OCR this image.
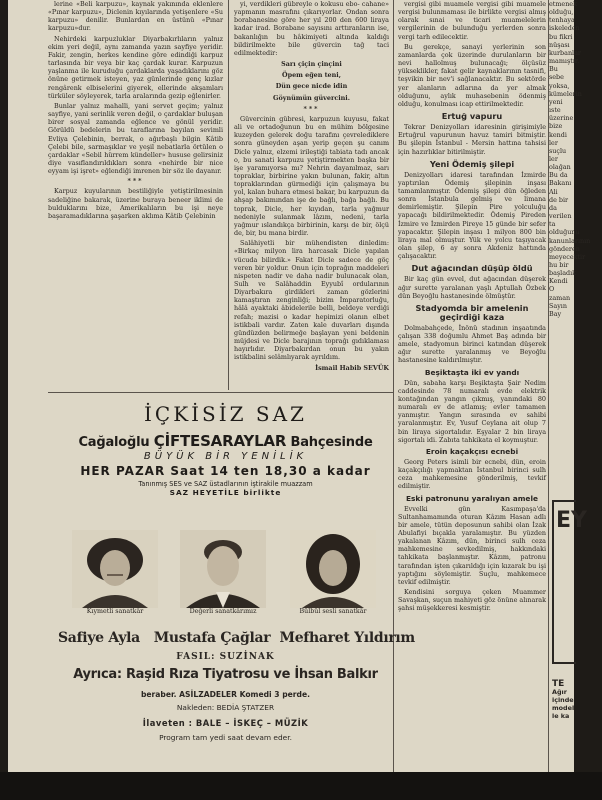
lerine «Beli karpuzu», kaynak yakınında eklenlere «Pınar karpuzu», Diclenin kıyılarında yetişenlere «Su karpuzu» denilir. Bunlardan en üstünü «Pınar karpuzu»dur.

Nehirdeki karpuzluklar Diyarbakırlıların yalnız ekim yeri değil, aynı zamanda yazın sayfiye yeridir. Fakir, zengin, herkes kendine göre edindiği karpuz tarlasında bir veya bir kaç çardak kurar. Karpuzun yaşlanma ile kuruduğu çardaklarda yaşadıklarını göz önüne getirmek isteyen, yaz günlerinde genç kızlar rengârenk elbiselerini giyerek, ellerinde akşamları türküler söyleyerek, tarla aralarında gezip eğlenirler.

Bunlar yalnız mahalli, yani servet geçim; yalnız sayfiye, yani serinlik veren değil, o çardaklar buluşan birer sosyal zamanda eğlence ve gönül yeridir. Görüldü bedelerin bu taraflarına bayılan sevimli Evliya Çelebinin, berrak, o ağırbaşlı bilgin Kâtib Çelebi bile, sarmaşıklar ve yeşil nebatlarla örtülen o çardaklar «Sebil hürrem kündeller» hususe gelirsiniz diye vasıflandırıldıkları sonra «nehirde bir nice eyyam işi işret» eğlendiği imrenen bir söz ile dayanır.

***

Karpuz kuyularının bestiliğiyle yetiştirilmesinin sadeliğine bakarak, üzerine buraya beneer iklimi de bulduklarını bize, Amerikalıların bu işi neye başaramadıklarına şaşarken aklıma Kâtib Çelebinin

yi, verdikleri gübreyle o kokusu ebo- cahane» yapmanın masrafını çıkarıyorlar. Ondan sonra borabanesine göre her yıl 200 den 600 liraya kadar irad. Borabane sayısını arttıranların ise, bakanlığın bu hâkimiyeti altında kaldığı bildirilmekte bile güvercin tağ taci edilmektedir:

Sarı çiçin çinçini
Öpem eğen teni,
Dün gece nicde idin
Göynümün güvercini.

***

Güvercinin gübresi, karpuzun kuyusu, fakat ali ve ortadoğunun bu en mühim bölgesine kuzeyden gelerek doğu tarafını çevrelediklere sonra güneyden aşan yerip geçen şu canım Dicle yalnız, elzemi irileştiği tabiata tadı ancak o, bu sanati karpuzu yetiştirmekten başka bir işe yaramıyorsa mı? Nehrin dayanılmaz, sarı topraklar, birbirine yakın bulunan, fakir, altın topraklarından gürmediği için çalışmaya bu yol, kalan buhara etmesi bakar, bu karpuzun da ahşap bakımından işe de bağlı, bağa bağlı. Bu toprak, Dicle, her kıyıdan, tarla yağmur nedeniyle sulanmak lâzım, nedeni, tarla yağmur ıslandıkça birbirinin, karşı de bir, ölçü de, bir, bu mana birdir.

Salâhiyetli bir mühendisten dinledim: «Birkaç milyon lira harcasak Dicle yapılan vücuda bilirdik.» Fakat Dicle sadece de göç veren bir yoldur. Onun için toprağın maddeleri nispeten nadir ve daha nadir bulunacak olan, Sulh ve Salâhaddin Eyyubî ordularının Diyarbakıra girdikleri zaman gözlerini kamaştıran zenginliği; bizim İmparatorluğu, hâlâ ayaktaki âbidelerile belli, beldeye verdiği refah; mazisi o kadar hepimizi olanın elbet istikbali vardır. Zaten kale duvarları dışında gündüzden belirmeğe başlayan yeni beldenin müjdesi ve Dicle barajının toprağı gıdıklaması hayırlıdır. Diyarbakırdan onun bu yakın istikbalini selâmlıyarak ayrıldım.

İsmail Habib SEVÜK

vergisi gibi muamele vergisi gibi muamele vergisi bulunmaması ile birlikte vergisi almış olarak sınai ve ticari muamelelerin vergilerinin de bulunduğu yerlerden sonra vergi tarh edilecektir.

Bu gerekçe, sanayi yerlerinin son zamanlarda çok üzerinde durulanların bir nevi hallolmuş bulunacağı; ölçüsüz yükseklikler, fakat gelir kaynaklarının tasnifi, teşvikin bir nev'i sağlanacaktır. Bu sektörde yer alanların adlarına da yer almak olduğunu, aylık muhasebenin ödenmiş olduğu, konulması icap ettirilmektedir.

Ertuğ vapuru

Tekrar Denizyolları idaresinin girişimiyle Ertuğrul vapurunun havuz tamiri bitmiştir. Bu şilepin İstanbul - Mersin hattına tahsisi için hazırlıklar bitirilmiştir.

Yeni Ödemiş şilepi

Denizyolları idaresi tarafından İzmirde yaptırılan Ödemiş şilepinin inşası tamamlanmıştır. Ödemiş şilepi dün öğleden sonra İstanbula gelmiş ve limana demirlemiştir. Şilepin Pire yolculuğu yapacağı bildirilmektedir. Ödemiş Pireden İzmire ve İzmirden Pireye 15 günde bir sefer yapacaktır. Şilepin inşası 1 milyon 800 bin liraya mal olmuştur. Yük ve yolcu taşıyacak olan şilep, 6 ay sonra Akdeniz hattında çalışacaktır.

Dut ağacından düşüp öldü

Bir kaç gün evvel, dut ağacından düşerek ağır surette yaralanan yaşlı Aptullah Özbek dün Beyoğlu hastanesinde ölmüştür.

Stadyomda bir amelenin geçirdiği kaza

Dolmabahçede, İnönü stadının inşaatında çalışan 338 doğumlu Ahmet Baş adında bir amele, stadyomun birinci katından düşerek ağır surette yaralanmış ve Beyoğlu hastanesine kaldırılmıştır.

Beşiktaşta iki ev yandı

Dün, sabaha karşı Beşiktaşta Şair Nedim caddesinde 78 numaralı evde elektrik kontağından yangın çıkmış, yanındaki 80 numaralı ev de atlamış; evler tamamen yanmıştır. Yangın sırasında ev sahibi yaralanmıştır. Ev, Yusuf Ceylana ait olup 7 bin liraya sigortalıdır. Eşyalar 2 bin liraya sigortalı idi. Zabıta tahkikata el koymuştur.

Eroin kaçakçısı ecnebi

Georg Peters isimli bir ecnebi, dün, eroin kaçakçılığı yapmaktan İstanbul birinci sulh ceza mahkemesine gönderilmiş, tevkif edilmiştir.

Eski patronunu yaralıyan amele

Evvelki gün Kasımpaşa'da Sultanhamamında oturan Kâzım Hasan adlı bir amele, tütün deposunun sahibi olan İzak Abulafiyi bıçakla yaralamıştır. Bu yüzden yakalanan Kâzım, dün, birinci sulh ceza mahkemesine sevkedilmiş, hakkındaki tahkikata başlanmıştır. Kâzım, patronu tarafından işten çıkarıldığı için kızarak bu işi yaptığını söylemiştir. Suçlu, mahkemece tevkif edilmiştir.

Kendisini sorguya çeken Muammer Savaşkan, suçun mahiyeti göz önüne alınarak şahsi müşekkeresi kesmiştir.

etmenek
olduğu,
tenhaya
iskeleden
bu fikri
nüşası
kurbanlar
mamıştır.
Bu sebe
yoksa,
kümelerin
yeni
ıste üzerine
bize kendi
ler suçlu
ler olağan
Bu da
Bakanı Ali
de bir
da verilen
ta olduğunu
kanunlarının
gönderen
meyecektir
hu bir
başladık
Kendi
O zaman
Sayın Bay
EY
TE
Ağır
içinde
model
le ka
İÇKİSİZ SAZ
Cağaloğlu ÇİFTESARAYLAR Bahçesinde
BÜYÜK BİR YENİLİK
HER PAZAR Saat 14 ten 18,30 a kadar
Tanınmış SES ve SAZ üstadlarının iştirakile muazzam
SAZ HEYETİLE birlikte
Kıymetli sanatkâr	Değerli sanatkârımız	Bülbül sesli sanatkâr
Safiye Ayla Mustafa Çağlar Mefharet Yıldırım
FASIL: SUZİNAK
Ayrıca: Raşid Rıza Tiyatrosu ve İhsan Balkır
beraber. ASİLZADELER Komedi 3 perde.
Nakleden: BEDİA ŞTATZER
İlaveten : BALE – İSKEÇ – MÜZİK
Program tam yedi saat devam eder.
